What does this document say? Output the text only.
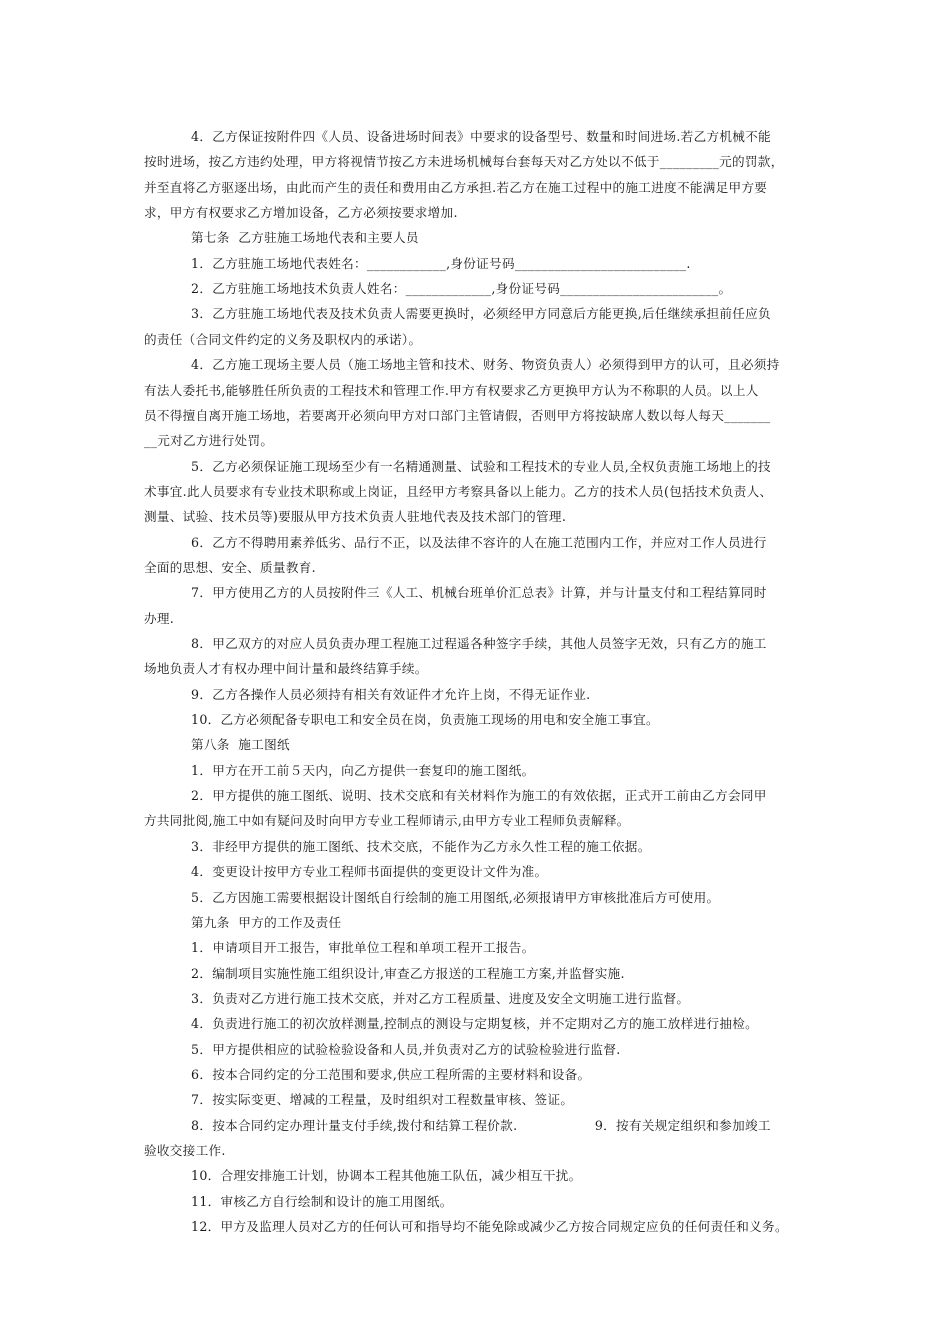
4．乙方保证按附件四《人员、设备进场时间表》中要求的设备型号、数量和时间进场.若乙方机械不能
按时进场，按乙方违约处理，甲方将视情节按乙方未进场机械每台套每天对乙方处以不低于_________元的罚款，
并至直将乙方驱逐出场，由此而产生的责任和费用由乙方承担.若乙方在施工过程中的施工进度不能满足甲方要
求，甲方有权要求乙方增加设备，乙方必须按要求增加.
第七条  乙方驻施工场地代表和主要人员
1．乙方驻施工场地代表姓名：____________,身份证号码__________________________.
2．乙方驻施工场地技术负责人姓名：_____________,身份证号码________________________。
3．乙方驻施工场地代表及技术负责人需要更换时，必须经甲方同意后方能更换,后任继续承担前任应负
的责任（合同文件约定的义务及职权内的承诺）。
4．乙方施工现场主要人员（施工场地主管和技术、财务、物资负责人）必须得到甲方的认可，且必须持
有法人委托书,能够胜任所负责的工程技术和管理工作.甲方有权要求乙方更换甲方认为不称职的人员。以上人
员不得擅自离开施工场地，若要离开必须向甲方对口部门主管请假，否则甲方将按缺席人数以每人每天_______
__元对乙方进行处罚。
5．乙方必须保证施工现场至少有一名精通测量、试验和工程技术的专业人员,全权负责施工场地上的技
术事宜.此人员要求有专业技术职称或上岗证，且经甲方考察具备以上能力。乙方的技术人员(包括技术负责人、
测量、试验、技术员等)要服从甲方技术负责人驻地代表及技术部门的管理.
6．乙方不得聘用素养低劣、品行不正，以及法律不容许的人在施工范围内工作，并应对工作人员进行
全面的思想、安全、质量教育.
7．甲方使用乙方的人员按附件三《人工、机械台班单价汇总表》计算，并与计量支付和工程结算同时
办理.
8．甲乙双方的对应人员负责办理工程施工过程遥各种签字手续，其他人员签字无效，只有乙方的施工
场地负责人才有权办理中间计量和最终结算手续。
9．乙方各操作人员必须持有相关有效证件才允许上岗，不得无证作业.
10．乙方必须配备专职电工和安全员在岗，负责施工现场的用电和安全施工事宜。
第八条  施工图纸
1．甲方在开工前５天内，向乙方提供一套复印的施工图纸。
2．甲方提供的施工图纸、说明、技术交底和有关材料作为施工的有效依据，正式开工前由乙方会同甲
方共同批阅,施工中如有疑问及时向甲方专业工程师请示,由甲方专业工程师负责解释。
3．非经甲方提供的施工图纸、技术交底，不能作为乙方永久性工程的施工依据。
4．变更设计按甲方专业工程师书面提供的变更设计文件为准。
5．乙方因施工需要根据设计图纸自行绘制的施工用图纸,必须报请甲方审核批准后方可使用。
第九条  甲方的工作及责任
1．申请项目开工报告，审批单位工程和单项工程开工报告。
2．编制项目实施性施工组织设计,审查乙方报送的工程施工方案,并监督实施.
3．负责对乙方进行施工技术交底，并对乙方工程质量、进度及安全文明施工进行监督。
4．负责进行施工的初次放样测量,控制点的测设与定期复核，并不定期对乙方的施工放样进行抽检。
5．甲方提供相应的试验检验设备和人员,并负责对乙方的试验检验进行监督.
6．按本合同约定的分工范围和要求,供应工程所需的主要材料和设备。
7．按实际变更、增减的工程量，及时组织对工程数量审核、签证。
8．按本合同约定办理计量支付手续,拨付和结算工程价款.                  9．按有关规定组织和参加竣工
验收交接工作.
10．合理安排施工计划，协调本工程其他施工队伍，减少相互干扰。
11．审核乙方自行绘制和设计的施工用图纸。
12．甲方及监理人员对乙方的任何认可和指导均不能免除或减少乙方按合同规定应负的任何责任和义务。
